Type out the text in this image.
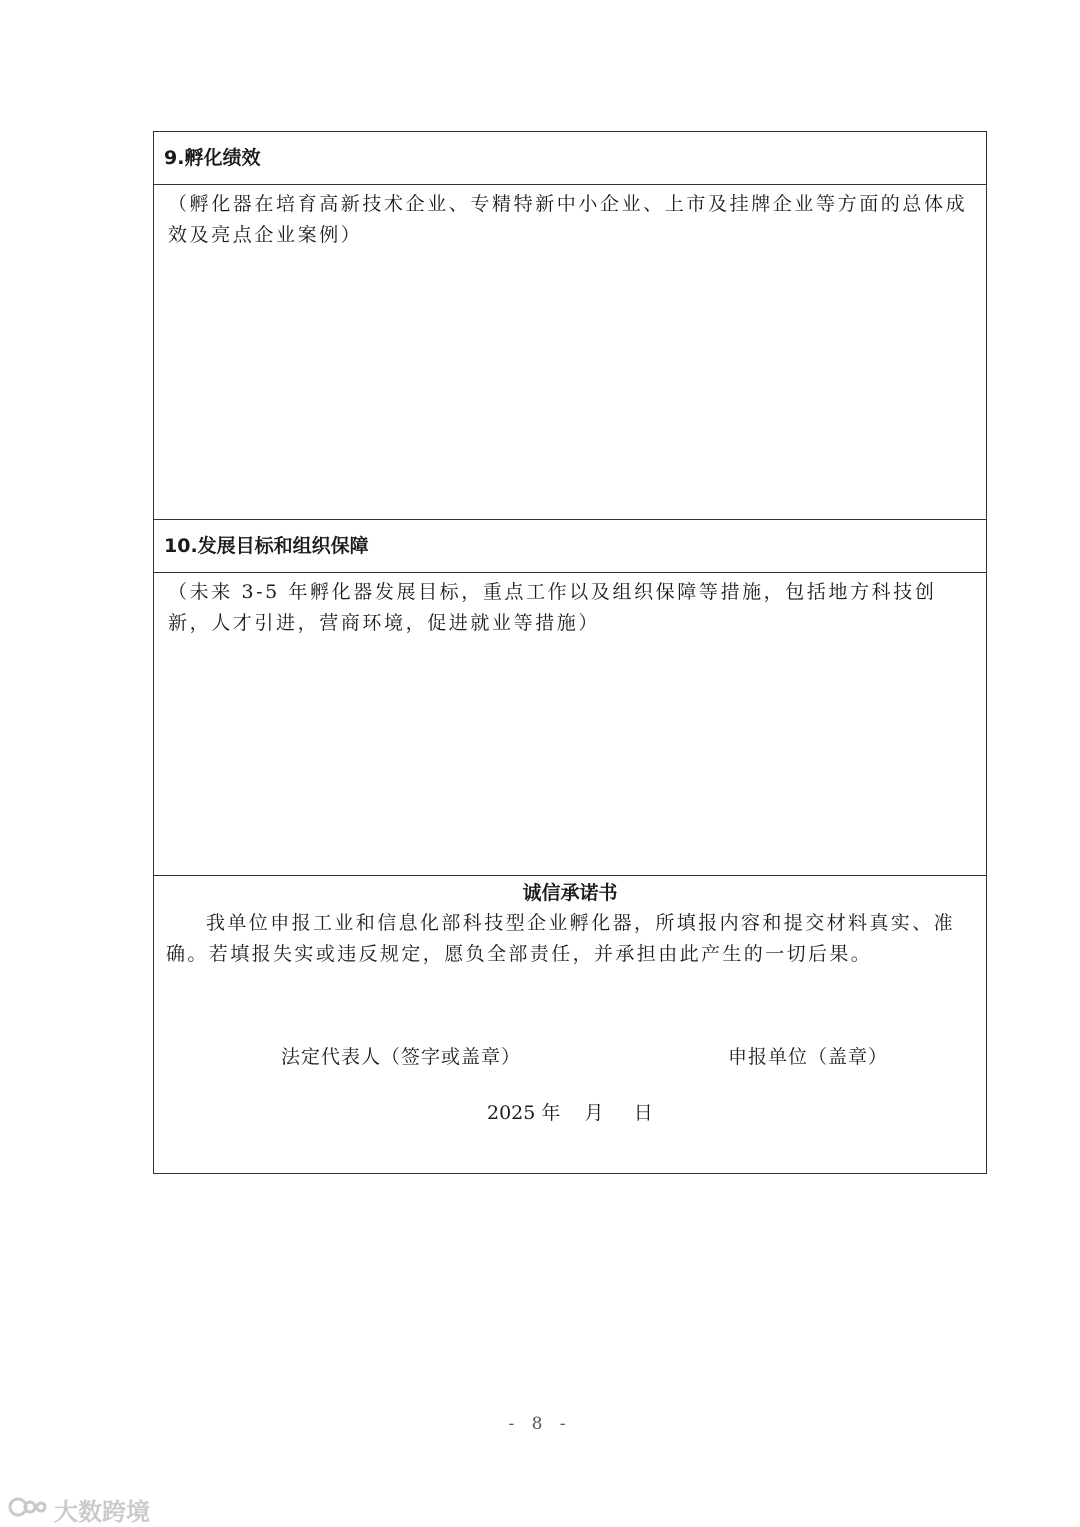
9.孵化绩效
（孵化器在培育高新技术企业、专精特新中小企业、上市及挂牌企业等方面的总体成效及亮点企业案例）
10.发展目标和组织保障
（未来 3-5 年孵化器发展目标，重点工作以及组织保障等措施，包括地方科技创新，人才引进，营商环境，促进就业等措施）
诚信承诺书
我单位申报工业和信息化部科技型企业孵化器，所填报内容和提交材料真实、准确。若填报失实或违反规定，愿负全部责任，并承担由此产生的一切后果。
法定代表人（签字或盖章）	申报单位（盖章）
2025 年    月     日
- 8 -
大数跨境
